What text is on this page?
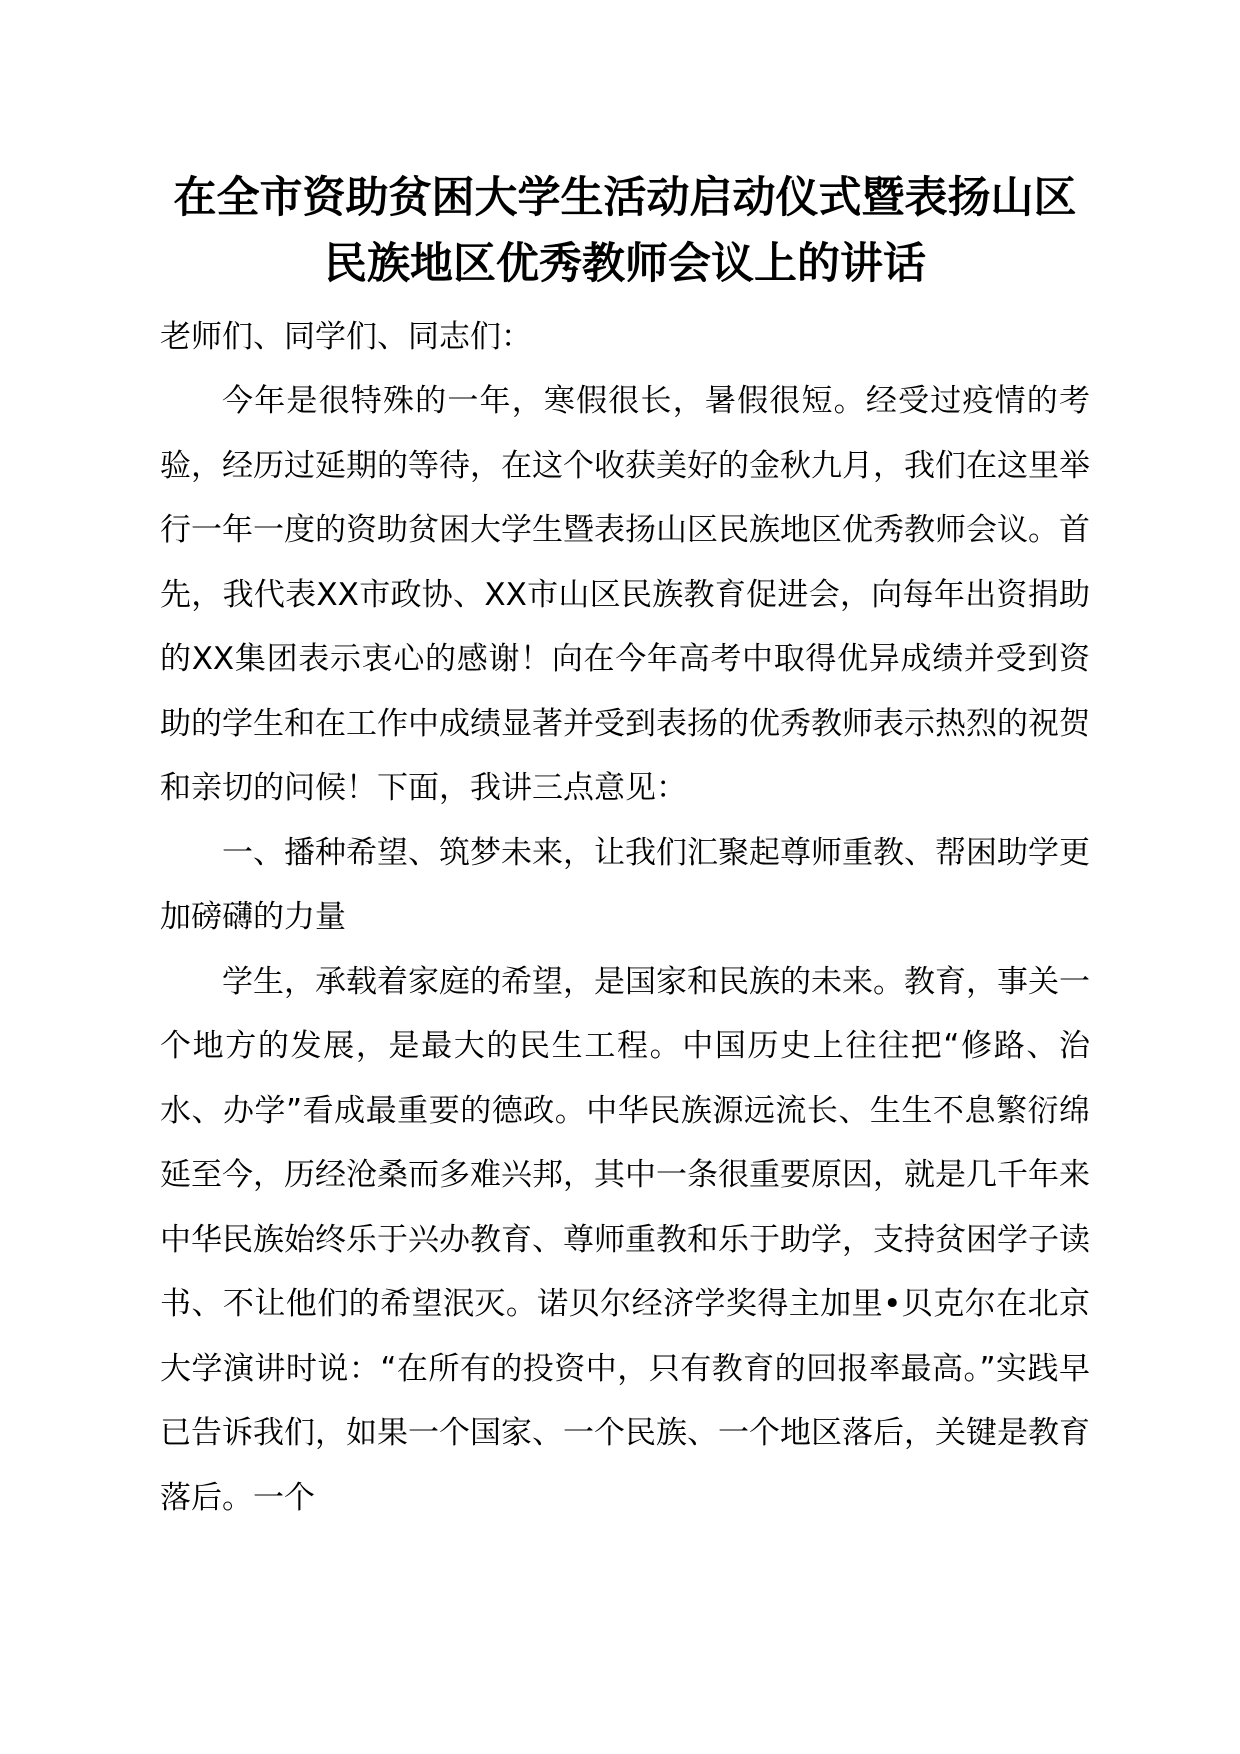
在全市资助贫困大学生活动启动仪式暨表扬山区民族地区优秀教师会议上的讲话

老师们、同学们、同志们：

今年是很特殊的一年，寒假很长，暑假很短。经受过疫情的考验，经历过延期的等待，在这个收获美好的金秋九月，我们在这里举行一年一度的资助贫困大学生暨表扬山区民族地区优秀教师会议。首先，我代表XX市政协、XX市山区民族教育促进会，向每年出资捐助的XX集团表示衷心的感谢！向在今年高考中取得优异成绩并受到资助的学生和在工作中成绩显著并受到表扬的优秀教师表示热烈的祝贺和亲切的问候！下面，我讲三点意见：

一、播种希望、筑梦未来，让我们汇聚起尊师重教、帮困助学更加磅礴的力量

学生，承载着家庭的希望，是国家和民族的未来。教育，事关一个地方的发展，是最大的民生工程。中国历史上往往把“修路、治水、办学”看成最重要的德政。中华民族源远流长、生生不息繁衍绵延至今，历经沧桑而多难兴邦，其中一条很重要原因，就是几千年来中华民族始终乐于兴办教育、尊师重教和乐于助学，支持贫困学子读书、不让他们的希望泯灭。诺贝尔经济学奖得主加里•贝克尔在北京大学演讲时说：“在所有的投资中，只有教育的回报率最高。”实践早已告诉我们，如果一个国家、一个民族、一个地区落后，关键是教育落后。一个
